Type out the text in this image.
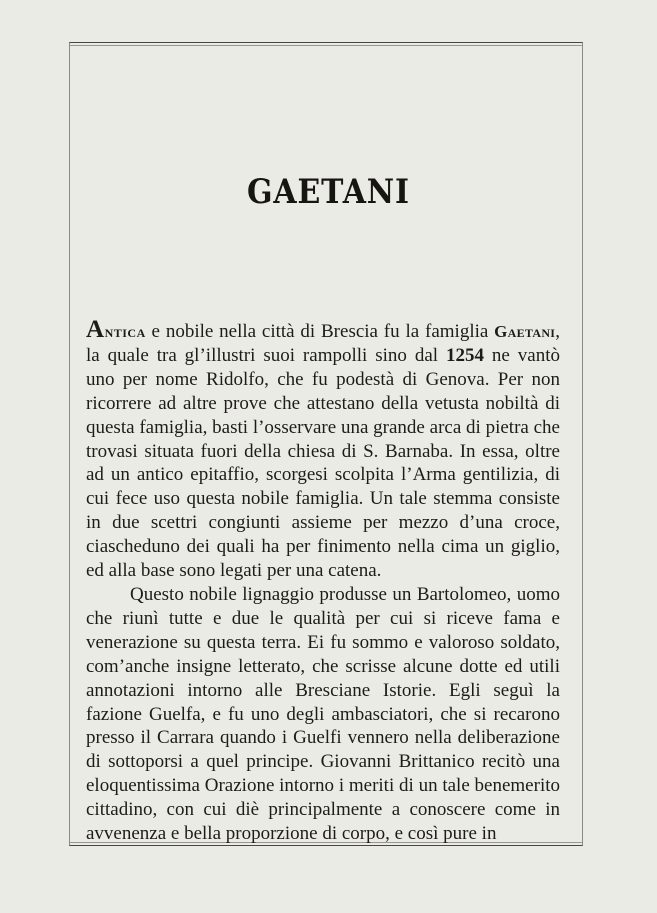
GAETANI

Antica e nobile nella città di Brescia fu la famiglia Gaetani, la quale tra gl’illustri suoi rampolli sino dal 1254 ne vantò uno per nome Ridolfo, che fu podestà di Genova. Per non ricorrere ad altre prove che attestano della vetusta nobiltà di questa famiglia, basti l’osservare una grande arca di pietra che trovasi situata fuori della chiesa di S. Barnaba. In essa, oltre ad un antico epitaffio, scorgesi scolpita l’Arma gentilizia, di cui fece uso questa nobile famiglia. Un tale stemma consiste in due scettri congiunti assieme per mezzo d’una croce, ciascheduno dei quali ha per finimento nella cima un giglio, ed alla base sono legati per una catena.

Questo nobile lignaggio produsse un Bartolomeo, uomo che riunì tutte e due le qualità per cui si riceve fama e venerazione su questa terra. Ei fu sommo e valoroso soldato, com’anche insigne letterato, che scrisse alcune dotte ed utili annotazioni intorno alle Bresciane Istorie. Egli seguì la fazione Guelfa, e fu uno degli ambasciatori, che si recarono presso il Carrara quando i Guelfi vennero nella deliberazione di sottoporsi a quel principe. Giovanni Brittanico recitò una eloquentissima Orazione intorno i meriti di un tale benemerito cittadino, con cui diè principalmente a conoscere come in avvenenza e bella proporzione di corpo, e così pure in
